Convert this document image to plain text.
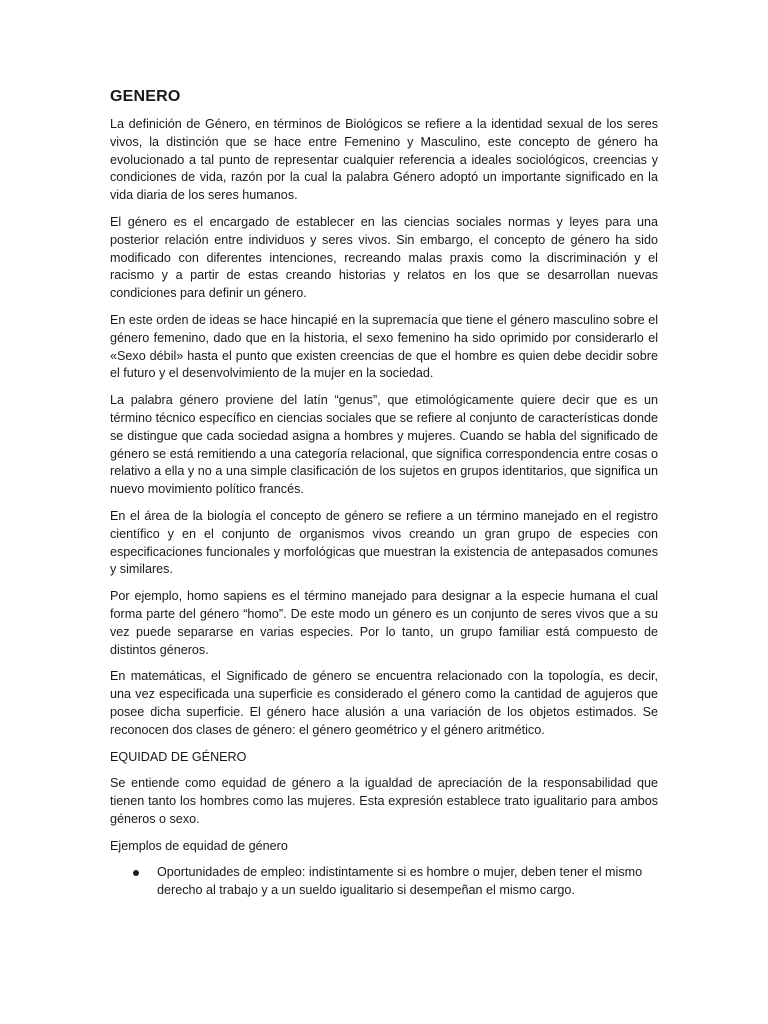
GENERO

La definición de Género, en términos de Biológicos se refiere a la identidad sexual de los seres vivos, la distinción que se hace entre Femenino y Masculino, este concepto de género ha evolucionado a tal punto de representar cualquier referencia a ideales sociológicos, creencias y condiciones de vida, razón por la cual la palabra Género adoptó un importante significado en la vida diaria de los seres humanos.

El género es el encargado de establecer en las ciencias sociales normas y leyes para una posterior relación entre individuos y seres vivos. Sin embargo, el concepto de género ha sido modificado con diferentes intenciones, recreando malas praxis como la discriminación y el racismo y a partir de estas creando historias y relatos en los que se desarrollan nuevas condiciones para definir un género.

En este orden de ideas se hace hincapié en la supremacía que tiene el género masculino sobre el género femenino, dado que en la historia, el sexo femenino ha sido oprimido por considerarlo el «Sexo débil» hasta el punto que existen creencias de que el hombre es quien debe decidir sobre el futuro y el desenvolvimiento de la mujer en la sociedad.

La palabra género proviene del latín “genus”, que etimológicamente quiere decir que es un término técnico específico en ciencias sociales que se refiere al conjunto de características donde se distingue que cada sociedad asigna a hombres y mujeres. Cuando se habla del significado de género se está remitiendo a una categoría relacional, que significa correspondencia entre cosas o relativo a ella y no a una simple clasificación de los sujetos en grupos identitarios, que significa un nuevo movimiento político francés.

En el área de la biología el concepto de género se refiere a un término manejado en el registro científico y en el conjunto de organismos vivos creando un gran grupo de especies con especificaciones funcionales y morfológicas que muestran la existencia de antepasados comunes y similares.

Por ejemplo, homo sapiens es el término manejado para designar a la especie humana el cual forma parte del género “homo”. De este modo un género es un conjunto de seres vivos que a su vez puede separarse en varias especies. Por lo tanto, un grupo familiar está compuesto de distintos géneros.

En matemáticas, el Significado de género se encuentra relacionado con la topología, es decir, una vez especificada una superficie es considerado el género como la cantidad de agujeros que posee dicha superficie. El género hace alusión a una variación de los objetos estimados. Se reconocen dos clases de género: el género geométrico y el género aritmético.

EQUIDAD DE GÉNERO

Se entiende como equidad de género a la igualdad de apreciación de la responsabilidad que tienen tanto los hombres como las mujeres. Esta expresión establece trato igualitario para ambos géneros o sexo.

Ejemplos de equidad de género

Oportunidades de empleo: indistintamente si es hombre o mujer, deben tener el mismo derecho al trabajo y a un sueldo igualitario si desempeñan el mismo cargo.
